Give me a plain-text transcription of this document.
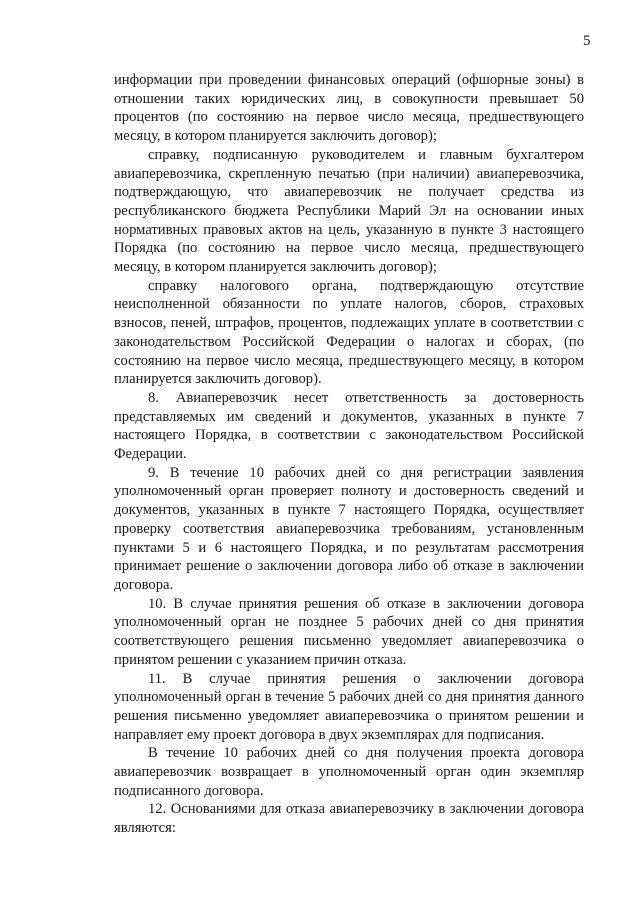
5

информации при проведении финансовых операций (офшорные зоны) в отношении таких юридических лиц, в совокупности превышает 50 процентов (по состоянию на первое число месяца, предшествующего месяцу, в котором планируется заключить договор);

справку, подписанную руководителем и главным бухгалтером авиаперевозчика, скрепленную печатью (при наличии) авиаперевозчика, подтверждающую, что авиаперевозчик не получает средства из республиканского бюджета Республики Марий Эл на основании иных нормативных правовых актов на цель, указанную в пункте 3 настоящего Порядка (по состоянию на первое число месяца, предшествующего месяцу, в котором планируется заключить договор);

справку налогового органа, подтверждающую отсутствие неисполненной обязанности по уплате налогов, сборов, страховых взносов, пеней, штрафов, процентов, подлежащих уплате в соответствии с законодательством Российской Федерации о налогах и сборах, (по состоянию на первое число месяца, предшествующего месяцу, в котором планируется заключить договор).

8. Авиаперевозчик несет ответственность за достоверность представляемых им сведений и документов, указанных в пункте 7 настоящего Порядка, в соответствии с законодательством Российской Федерации.

9. В течение 10 рабочих дней со дня регистрации заявления уполномоченный орган проверяет полноту и достоверность сведений и документов, указанных в пункте 7 настоящего Порядка, осуществляет проверку соответствия авиаперевозчика требованиям, установленным пунктами 5 и 6 настоящего Порядка, и по результатам рассмотрения принимает решение о заключении договора либо об отказе в заключении договора.

10. В случае принятия решения об отказе в заключении договора уполномоченный орган не позднее 5 рабочих дней со дня принятия соответствующего решения письменно уведомляет авиаперевозчика о принятом решении с указанием причин отказа.

11. В случае принятия решения о заключении договора уполномоченный орган в течение 5 рабочих дней со дня принятия данного решения письменно уведомляет авиаперевозчика о принятом решении и направляет ему проект договора в двух экземплярах для подписания.

В течение 10 рабочих дней со дня получения проекта договора авиаперевозчик возвращает в уполномоченный орган один экземпляр подписанного договора.

12. Основаниями для отказа авиаперевозчику в заключении договора являются:
